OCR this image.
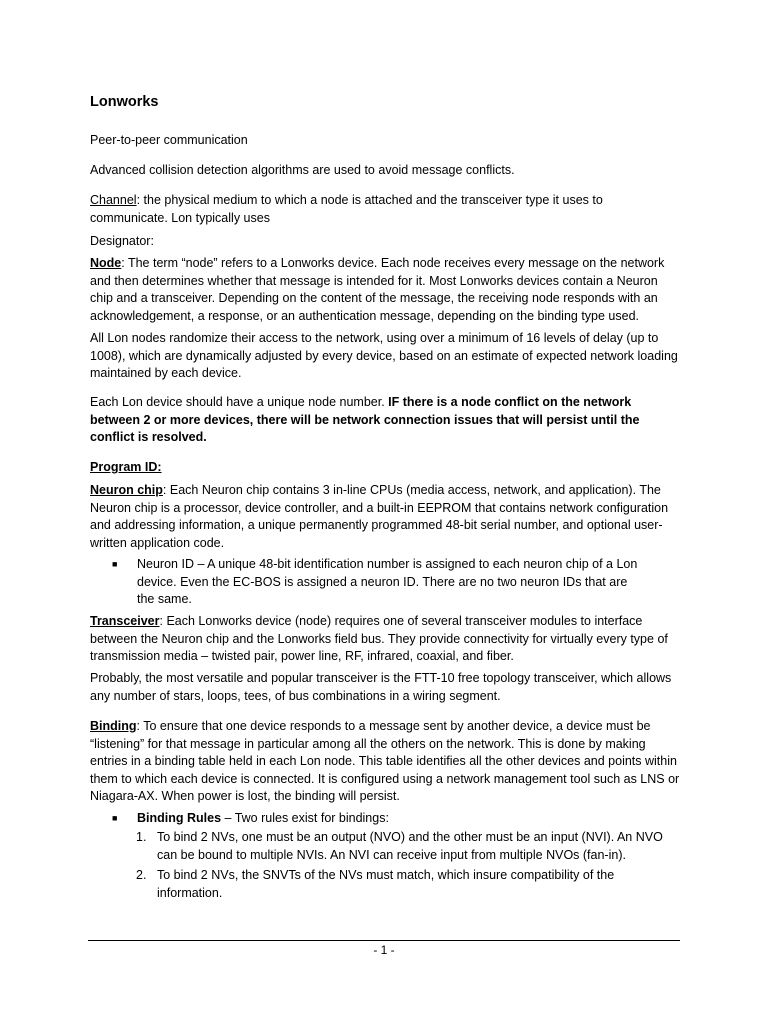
Lonworks

Peer-to-peer communication

Advanced collision detection algorithms are used to avoid message conflicts.

Channel: the physical medium to which a node is attached and the transceiver type it uses to communicate. Lon typically uses

Designator:

Node: The term “node” refers to a Lonworks device. Each node receives every message on the network and then determines whether that message is intended for it. Most Lonworks devices contain a Neuron chip and a transceiver. Depending on the content of the message, the receiving node responds with an acknowledgement, a response, or an authentication message, depending on the binding type used.

All Lon nodes randomize their access to the network, using over a minimum of 16 levels of delay (up to 1008), which are dynamically adjusted by every device, based on an estimate of expected network loading maintained by each device.

Each Lon device should have a unique node number. IF there is a node conflict on the network between 2 or more devices, there will be network connection issues that will persist until the conflict is resolved.

Program ID:

Neuron chip: Each Neuron chip contains 3 in-line CPUs (media access, network, and application). The Neuron chip is a processor, device controller, and a built-in EEPROM that contains network configuration and addressing information, a unique permanently programmed 48-bit serial number, and optional user-written application code.

■ Neuron ID – A unique 48-bit identification number is assigned to each neuron chip of a Lon device. Even the EC-BOS is assigned a neuron ID. There are no two neuron IDs that are the same.

Transceiver: Each Lonworks device (node) requires one of several transceiver modules to interface between the Neuron chip and the Lonworks field bus. They provide connectivity for virtually every type of transmission media – twisted pair, power line, RF, infrared, coaxial, and fiber.

Probably, the most versatile and popular transceiver is the FTT-10 free topology transceiver, which allows any number of stars, loops, tees, of bus combinations in a wiring segment.

Binding: To ensure that one device responds to a message sent by another device, a device must be “listening” for that message in particular among all the others on the network. This is done by making entries in a binding table held in each Lon node. This table identifies all the other devices and points within them to which each device is connected. It is configured using a network management tool such as LNS or Niagara-AX. When power is lost, the binding will persist.

■ Binding Rules – Two rules exist for bindings:
1. To bind 2 NVs, one must be an output (NVO) and the other must be an input (NVI). An NVO can be bound to multiple NVIs. An NVI can receive input from multiple NVOs (fan-in).
2. To bind 2 NVs, the SNVTs of the NVs must match, which insure compatibility of the information.
- 1 -
